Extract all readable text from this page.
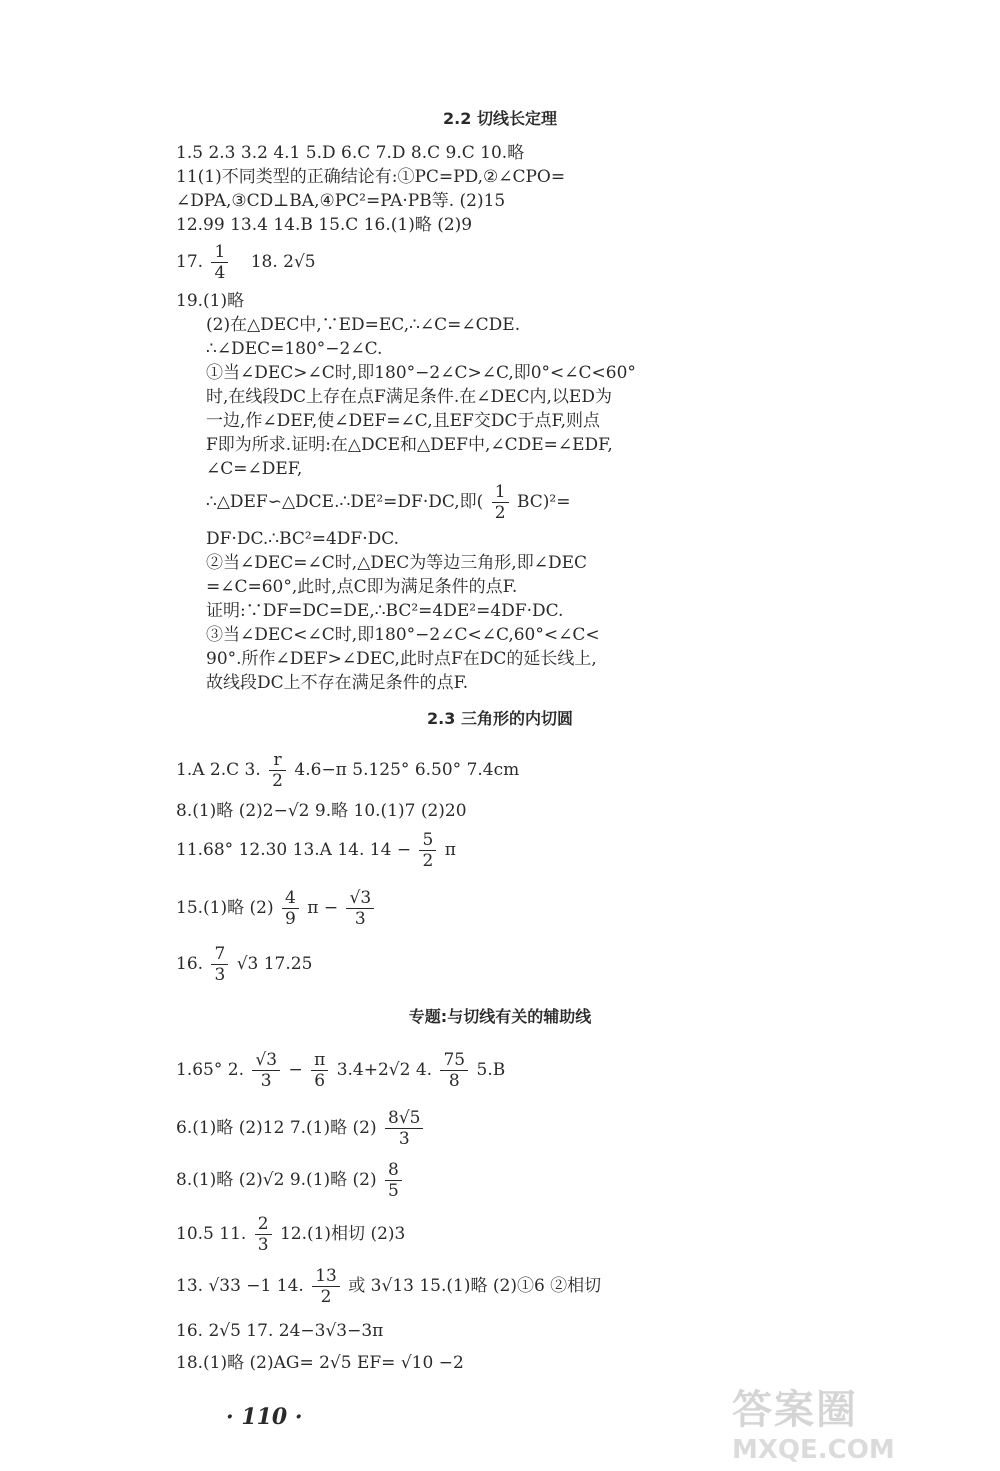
2.2 切线长定理
1.5 2.3 3.2 4.1 5.D 6.C 7.D 8.C 9.C 10.略
11(1)不同类型的正确结论有:①PC=PD,②∠CPO=
∠DPA,③CD⊥BA,④PC²=PA·PB等. (2)15
12.99 13.4 14.B 15.C 16.(1)略 (2)9
17. $\frac{1}{4} 18$. 2√5
19.(1)略
(2)在△DEC中,∵ED=EC,∴∠C=∠CDE.
∴∠DEC=180°−2∠C.
①当∠DEC>∠C时,即180°−2∠C>∠C,即0°<∠C<60°
时,在线段DC上存在点F满足条件.在∠DEC内,以ED为
一边,作∠DEF,使∠DEF=∠C,且EF交DC于点F,则点
F即为所求.证明:在△DCE和△DEF中,∠CDE=∠EDF,
∠C=∠DEF,
∴△DEF∽△DCE.∴DE²=DF·DC,即( $\frac{1}{2} BC)^2=$
DF·DC.∴BC²=4DF·DC.
②当∠DEC=∠C时,△DEC为等边三角形,即∠DEC
=∠C=60°,此时,点C即为满足条件的点F.
证明:∵DF=DC=DE,∴BC²=4DE²=4DF·DC.
③当∠DEC<∠C时,即180°−2∠C<∠C,60°<∠C<
90°.所作∠DEF>∠DEC,此时点F在DC的延长线上,
故线段DC上不存在满足条件的点F.
2.3 三角形的内切圆
1.A 2.C 3. $\frac{r}{2} 4.6-\pi$ 5.125° 6.50° 7.4cm
8.(1)略 (2)2−√2 9.略 10.(1)7 (2)20
11.68° 12.30 13.A 14. $14 - \frac{5}{2}$ π
15.(1)略 $(2) \frac{4}{9}$ $\pi - \frac{√3}{3}$
16. $\frac{7}{3} √3$ 17.25
专题:与切线有关的辅助线
1.65° 2. $\frac{√3}{3} - \frac{\pi}{6} 3.4+2√2$ 4. $\frac{75}{8} 5.B$
6.(1)略 (2)12 7.(1)略 $(2) \frac{8√5}{3}$
8.(1)略 (2)√2 9.(1)略 $(2) \frac{8}{5}$
10.5 11. $\frac{2}{3} 12.(1)$相切 (2)3
13. √33 −1 14. $\frac{13}{2}$ 或 3√13 15.(1)略 (2)①6 ②相切
16. 2√5 17. 24−3√3−3π
18.(1)略 (2)AG= 2√5 EF= √10 −2
· 110 ·	答案圈
MXQE.COM
